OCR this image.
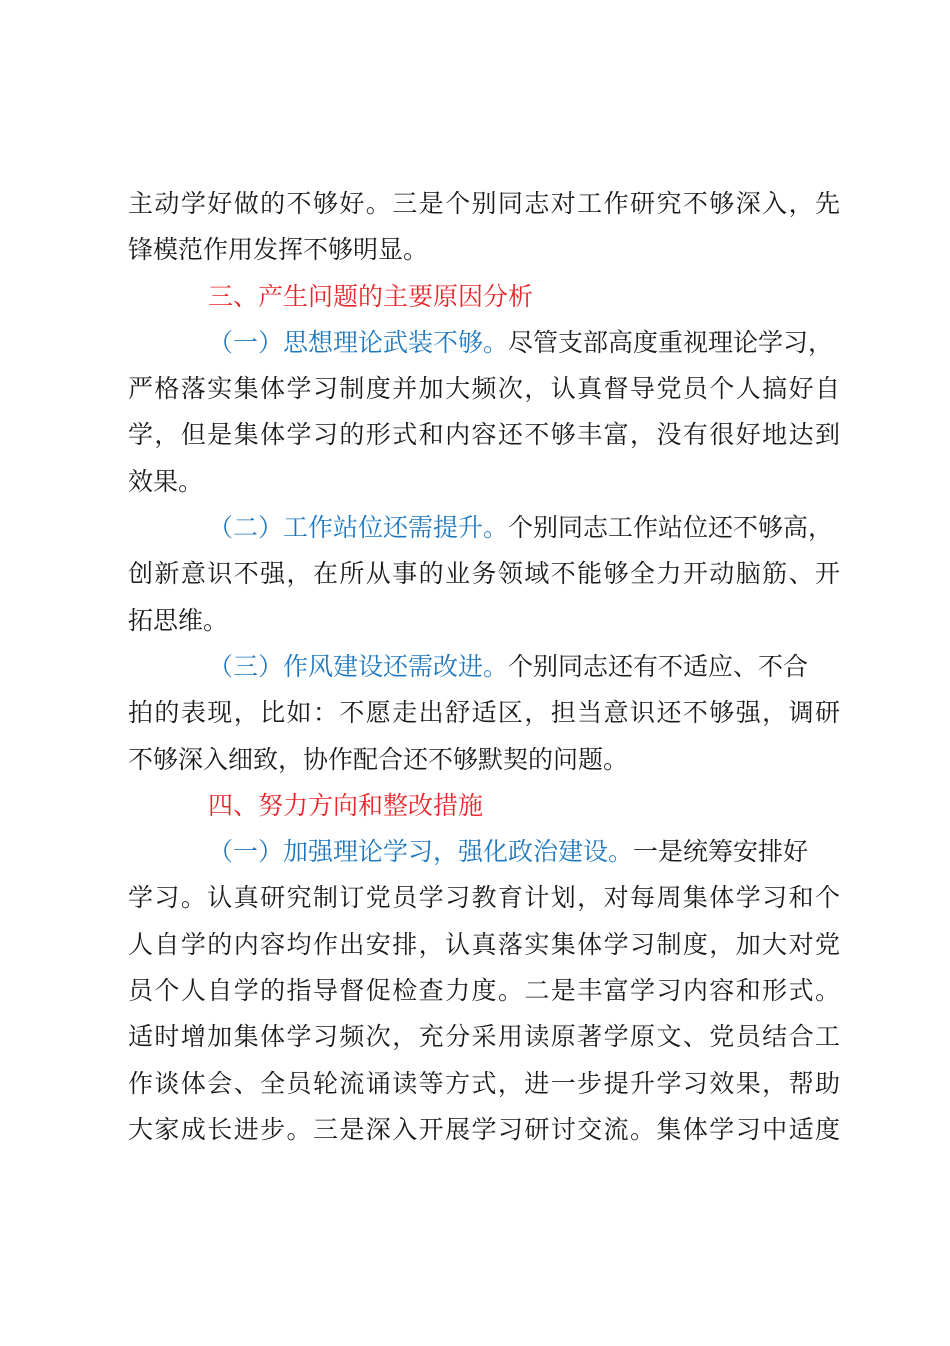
主动学好做的不够好。三是个别同志对工作研究不够深入，先
锋模范作用发挥不够明显。
三、产生问题的主要原因分析
（一）思想理论武装不够。尽管支部高度重视理论学习，
严格落实集体学习制度并加大频次，认真督导党员个人搞好自
学，但是集体学习的形式和内容还不够丰富，没有很好地达到
效果。
（二）工作站位还需提升。个别同志工作站位还不够高，
创新意识不强，在所从事的业务领域不能够全力开动脑筋、开
拓思维。
（三）作风建设还需改进。个别同志还有不适应、不合
拍的表现，比如：不愿走出舒适区，担当意识还不够强，调研
不够深入细致，协作配合还不够默契的问题。
四、努力方向和整改措施
（一）加强理论学习，强化政治建设。一是统筹安排好
学习。认真研究制订党员学习教育计划，对每周集体学习和个
人自学的内容均作出安排，认真落实集体学习制度，加大对党
员个人自学的指导督促检查力度。二是丰富学习内容和形式。
适时增加集体学习频次，充分采用读原著学原文、党员结合工
作谈体会、全员轮流诵读等方式，进一步提升学习效果，帮助
大家成长进步。三是深入开展学习研讨交流。集体学习中适度
